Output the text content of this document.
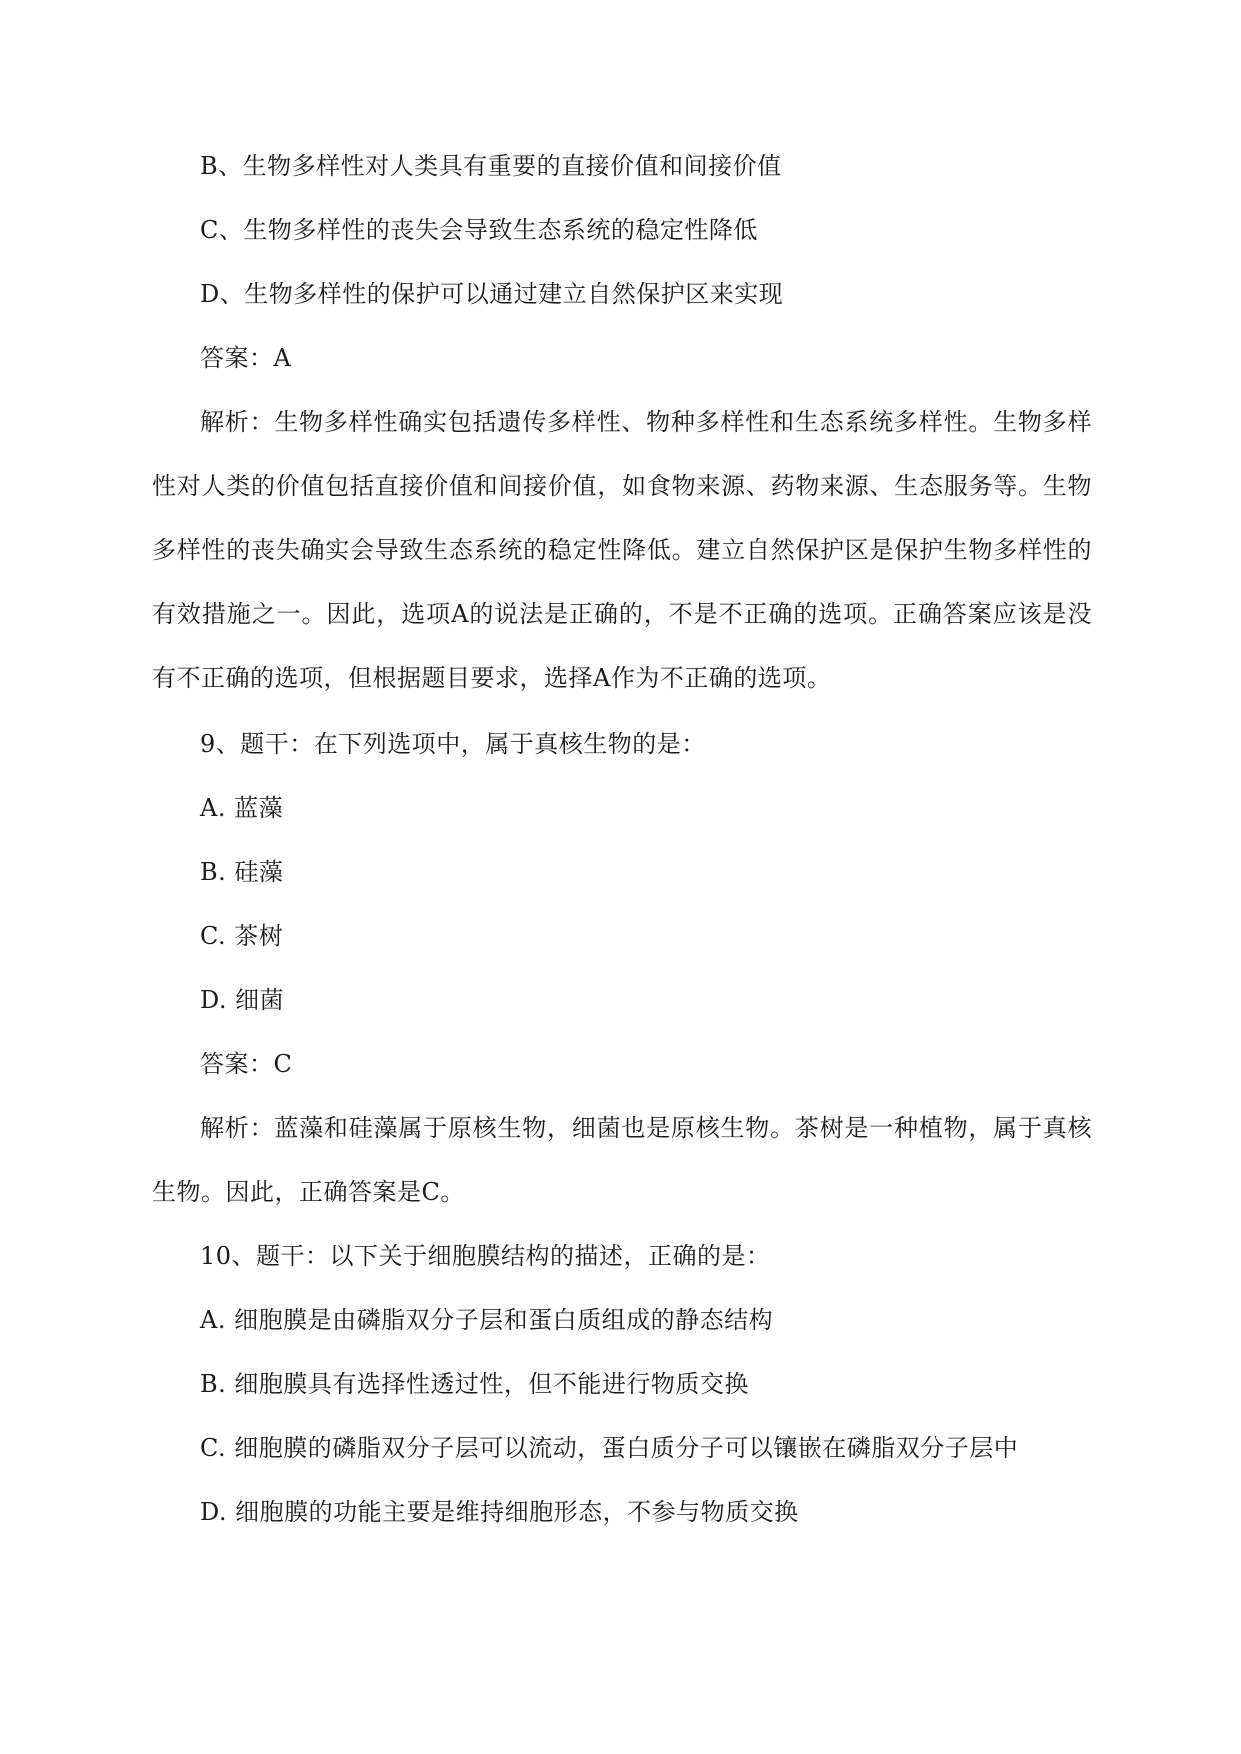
B、生物多样性对人类具有重要的直接价值和间接价值
C、生物多样性的丧失会导致生态系统的稳定性降低
D、生物多样性的保护可以通过建立自然保护区来实现
答案：A

解析：生物多样性确实包括遗传多样性、物种多样性和生态系统多样性。生物多样性对人类的价值包括直接价值和间接价值，如食物来源、药物来源、生态服务等。生物多样性的丧失确实会导致生态系统的稳定性降低。建立自然保护区是保护生物多样性的有效措施之一。因此，选项A的说法是正确的，不是不正确的选项。正确答案应该是没有不正确的选项，但根据题目要求，选择A作为不正确的选项。

9、题干：在下列选项中，属于真核生物的是：
A. 蓝藻
B. 硅藻
C. 茶树
D. 细菌
答案：C

解析：蓝藻和硅藻属于原核生物，细菌也是原核生物。茶树是一种植物，属于真核生物。因此，正确答案是C。

10、题干：以下关于细胞膜结构的描述，正确的是：
A. 细胞膜是由磷脂双分子层和蛋白质组成的静态结构
B. 细胞膜具有选择性透过性，但不能进行物质交换
C. 细胞膜的磷脂双分子层可以流动，蛋白质分子可以镶嵌在磷脂双分子层中
D. 细胞膜的功能主要是维持细胞形态，不参与物质交换
